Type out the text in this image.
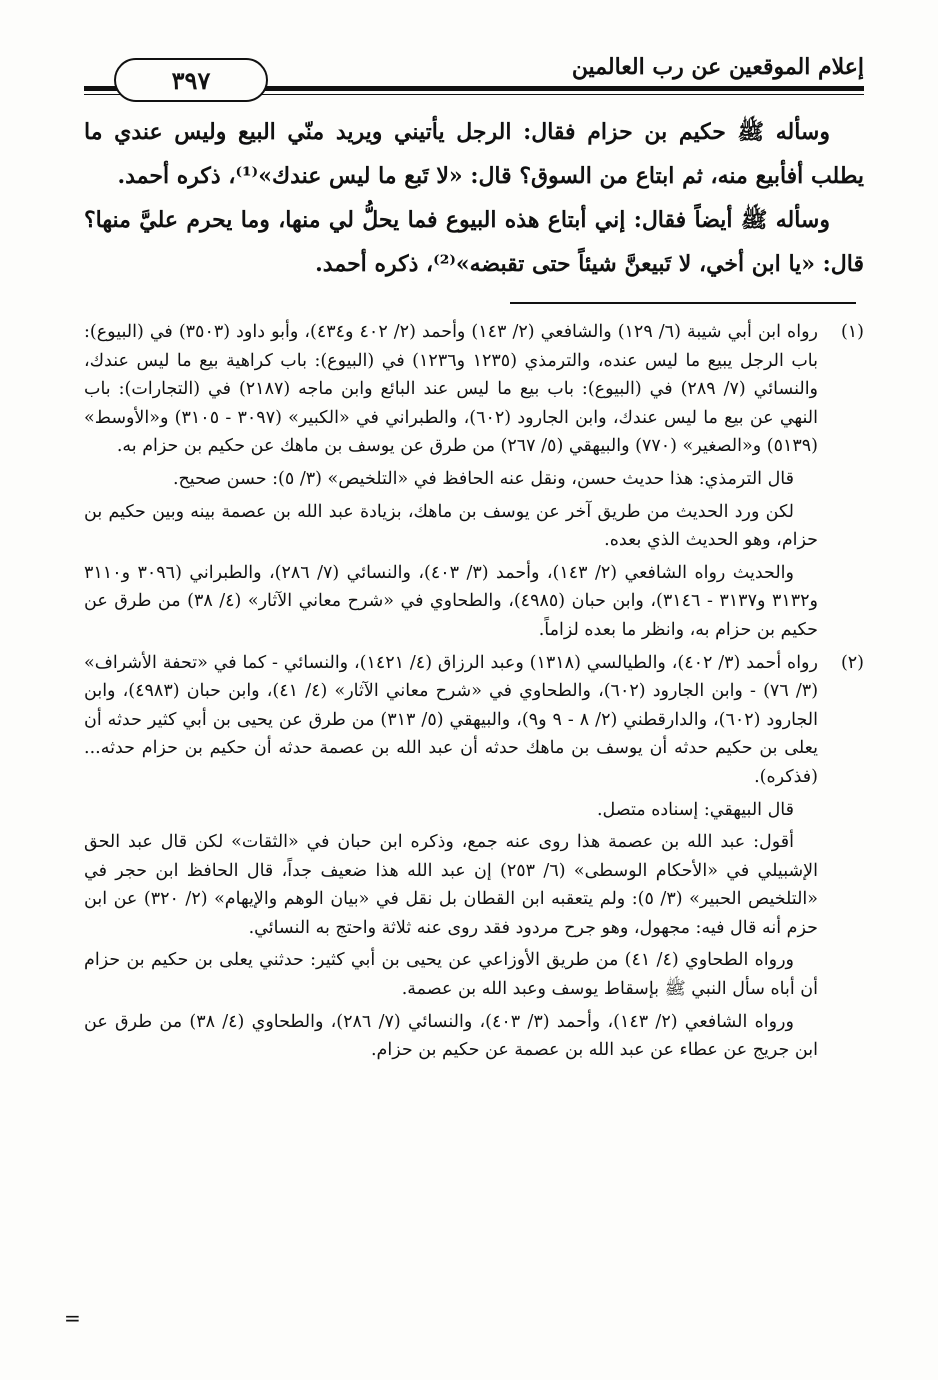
إعلام الموقعين عن رب العالمين
٣٩٧

وسأله ﷺ حكيم بن حزام فقال: الرجل يأتيني ويريد منّي البيع وليس عندي ما يطلب أفأبيع منه، ثم ابتاع من السوق؟ قال: «لا تَبع ما ليس عندك»⁽¹⁾، ذكره أحمد.

وسأله ﷺ أيضاً فقال: إني أبتاع هذه البيوع فما يحلُّ لي منها، وما يحرم عليَّ منها؟ قال: «يا ابن أخي، لا تَبيعنَّ شيئاً حتى تقبضه»⁽²⁾، ذكره أحمد.

(١)

رواه ابن أبي شيبة (٦/ ١٢٩) والشافعي (٢/ ١٤٣) وأحمد (٢/ ٤٠٢ و٤٣٤)، وأبو داود (٣٥٠٣) في (البيوع): باب الرجل يبيع ما ليس عنده، والترمذي (١٢٣٥ و١٢٣٦) في (البيوع): باب كراهية بيع ما ليس عندك، والنسائي (٧/ ٢٨٩) في (البيوع): باب بيع ما ليس عند البائع وابن ماجه (٢١٨٧) في (التجارات): باب النهي عن بيع ما ليس عندك، وابن الجارود (٦٠٢)، والطبراني في «الكبير» (٣٠٩٧ - ٣١٠٥) و«الأوسط» (٥١٣٩) و«الصغير» (٧٧٠) والبيهقي (٥/ ٢٦٧) من طرق عن يوسف بن ماهك عن حكيم بن حزام به.

قال الترمذي: هذا حديث حسن، ونقل عنه الحافظ في «التلخيص» (٣/ ٥): حسن صحيح.

لكن ورد الحديث من طريق آخر عن يوسف بن ماهك، بزيادة عبد الله بن عصمة بينه وبين حكيم بن حزام، وهو الحديث الذي بعده.

والحديث رواه الشافعي (٢/ ١٤٣)، وأحمد (٣/ ٤٠٣)، والنسائي (٧/ ٢٨٦)، والطبراني (٣٠٩٦ و٣١١٠ و٣١٣٢ و٣١٣٧ - ٣١٤٦)، وابن حبان (٤٩٨٥)، والطحاوي في «شرح معاني الآثار» (٤/ ٣٨) من طرق عن حكيم بن حزام به، وانظر ما بعده لزاماً.

(٢)

رواه أحمد (٣/ ٤٠٢)، والطيالسي (١٣١٨) وعبد الرزاق (٤/ ١٤٢١)، والنسائي - كما في «تحفة الأشراف» (٣/ ٧٦) - وابن الجارود (٦٠٢)، والطحاوي في «شرح معاني الآثار» (٤/ ٤١)، وابن حبان (٤٩٨٣)، وابن الجارود (٦٠٢)، والدارقطني (٢/ ٨ - ٩ و٩)، والبيهقي (٥/ ٣١٣) من طرق عن يحيى بن أبي كثير حدثه أن يعلى بن حكيم حدثه أن يوسف بن ماهك حدثه أن عبد الله بن عصمة حدثه أن حكيم بن حزام حدثه... (فذكره).

قال البيهقي: إسناده متصل.

أقول: عبد الله بن عصمة هذا روى عنه جمع، وذكره ابن حبان في «الثقات» لكن قال عبد الحق الإشبيلي في «الأحكام الوسطى» (٦/ ٢٥٣) إن عبد الله هذا ضعيف جداً، قال الحافظ ابن حجر في «التلخيص الحبير» (٣/ ٥): ولم يتعقبه ابن القطان بل نقل في «بيان الوهم والإيهام» (٢/ ٣٢٠) عن ابن حزم أنه قال فيه: مجهول، وهو جرح مردود فقد روى عنه ثلاثة واحتج به النسائي.

ورواه الطحاوي (٤/ ٤١) من طريق الأوزاعي عن يحيى بن أبي كثير: حدثني يعلى بن حكيم بن حزام أن أباه سأل النبي ﷺ بإسقاط يوسف وعبد الله بن عصمة.

ورواه الشافعي (٢/ ١٤٣)، وأحمد (٣/ ٤٠٣)، والنسائي (٧/ ٢٨٦)، والطحاوي (٤/ ٣٨) من طرق عن ابن جريج عن عطاء عن عبد الله بن عصمة عن حكيم بن حزام.

=
